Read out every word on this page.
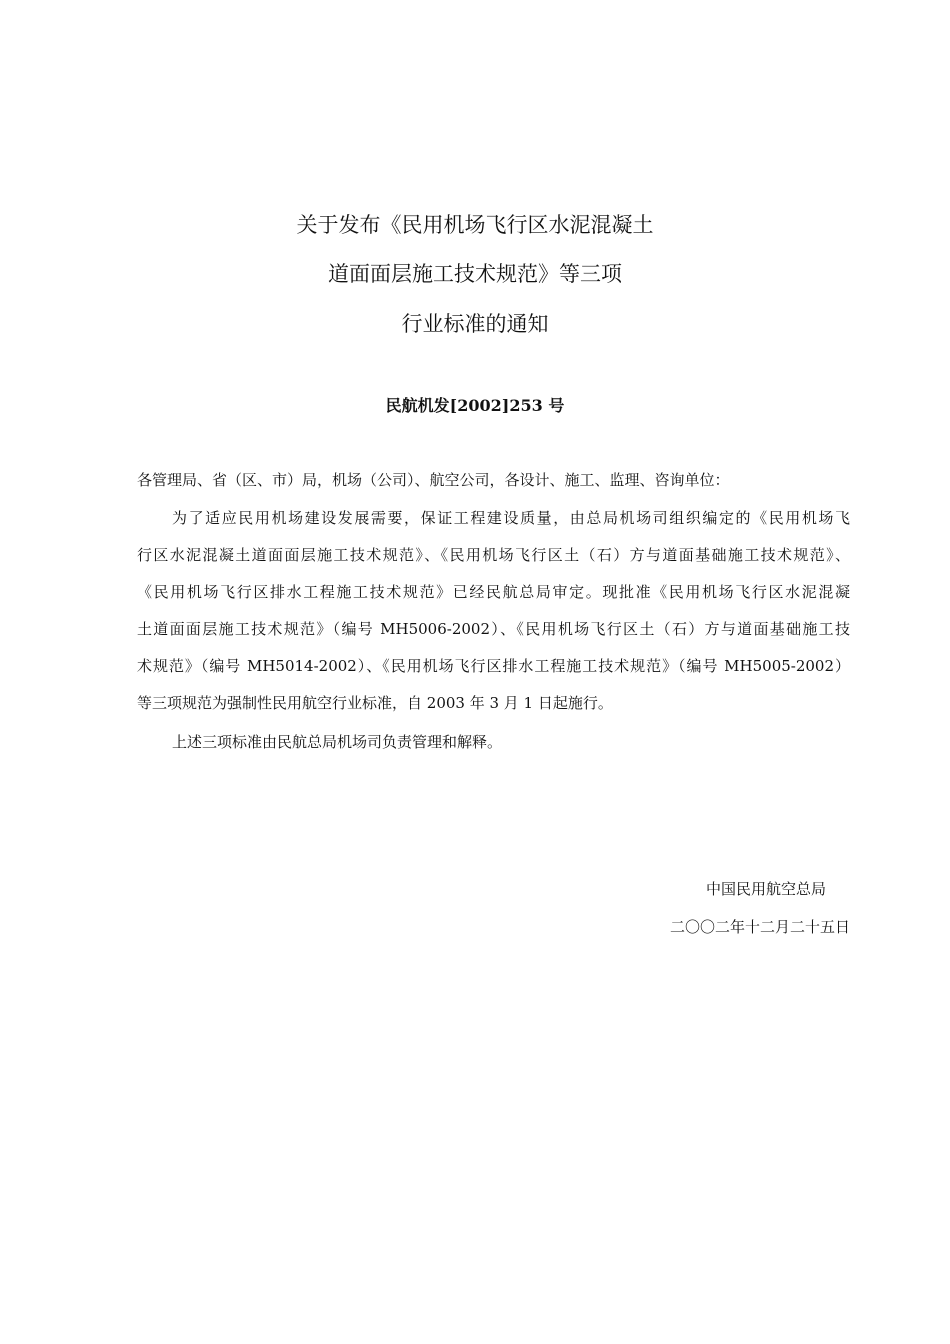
关于发布《民用机场飞行区水泥混凝土
道面面层施工技术规范》等三项
行业标准的通知
民航机发[2002]253 号
各管理局、省（区、市）局，机场（公司）、航空公司，各设计、施工、监理、咨询单位：
为了适应民用机场建设发展需要，保证工程建设质量，由总局机场司组织编定的《民用机场飞
行区水泥混凝土道面面层施工技术规范》、《民用机场飞行区土（石）方与道面基础施工技术规范》、
《民用机场飞行区排水工程施工技术规范》已经民航总局审定。现批准《民用机场飞行区水泥混凝
土道面面层施工技术规范》（编号 MH5006-2002）、《民用机场飞行区土（石）方与道面基础施工技
术规范》（编号 MH5014-2002）、《民用机场飞行区排水工程施工技术规范》（编号 MH5005-2002）
等三项规范为强制性民用航空行业标准，自 2003 年 3 月 1 日起施行。
上述三项标准由民航总局机场司负责管理和解释。
中国民用航空总局
二〇〇二年十二月二十五日
